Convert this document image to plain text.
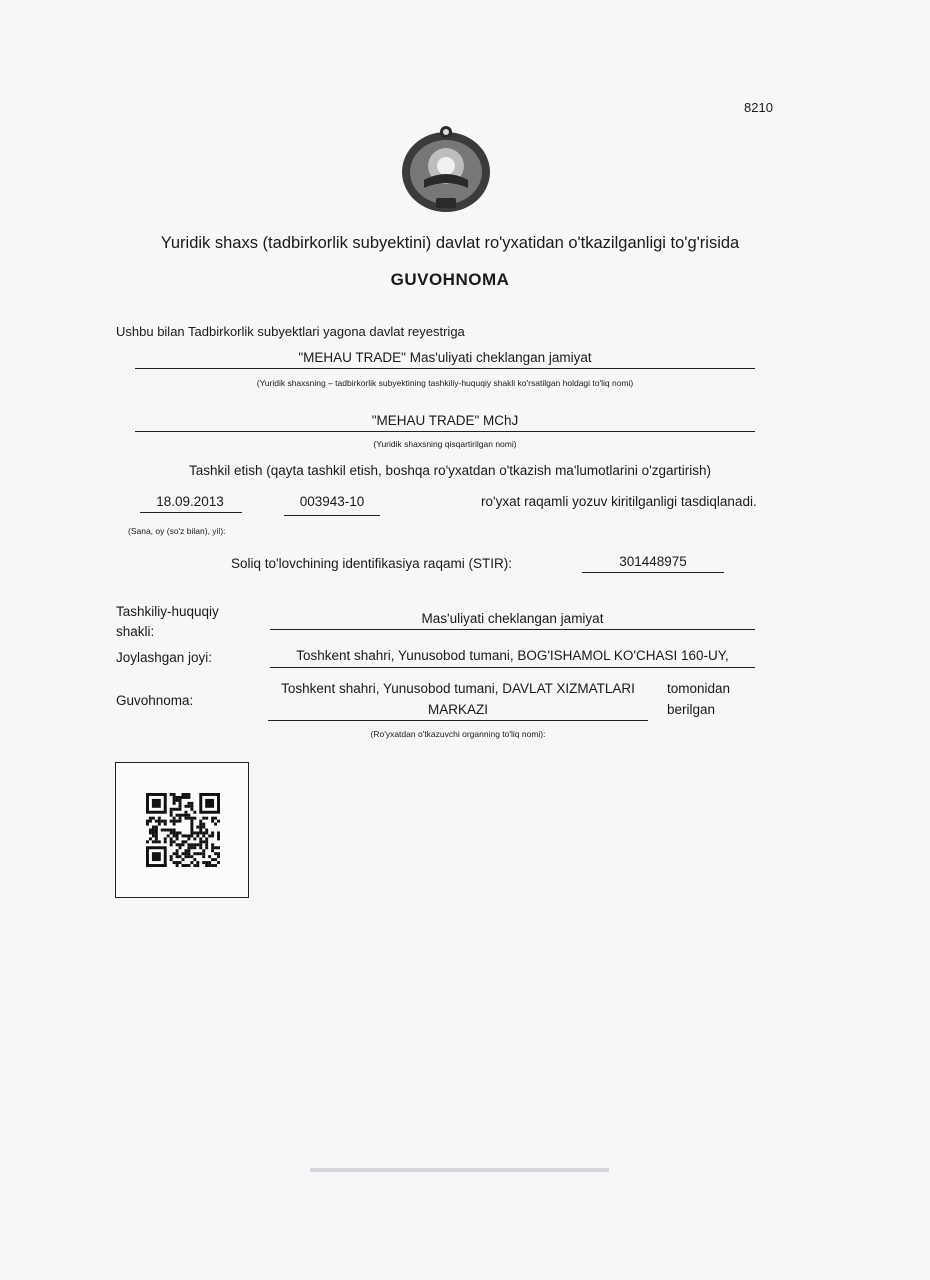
8210
Yuridik shaxs (tadbirkorlik subyektini) davlat ro'yxatidan o'tkazilganligi to'g'risida
GUVOHNOMA
Ushbu bilan Tadbirkorlik subyektlari yagona davlat reyestriga
"MEHAU TRADE" Mas'uliyati cheklangan jamiyat
(Yuridik shaxsning – tadbirkorlik subyektining tashkiliy-huquqiy shakli ko'rsatilgan holdagi to'liq nomi)
"MEHAU TRADE" MChJ
(Yuridik shaxsning qisqartirilgan nomi)
Tashkil etish (qayta tashkil etish, boshqa ro'yxatdan o'tkazish ma'lumotlarini o'zgartirish)
18.09.2013	003943-10	ro'yxat raqamli yozuv kiritilganligi tasdiqlanadi.
(Sana, oy (so'z bilan), yil):
Soliq to'lovchining identifikasiya raqami (STIR):	301448975
Tashkiliy-huquqiy
shakli:
Mas'uliyati cheklangan jamiyat
Joylashgan joyi:	Toshkent shahri, Yunusobod tumani, BOG'ISHAMOL KO'CHASI 160-UY,
Guvohnoma:
Toshkent shahri, Yunusobod tumani, DAVLAT XIZMATLARI
MARKAZI
tomonidan
berilgan
(Ro'yxatdan o'tkazuvchi organning to'liq nomi):
▬▬▬▬▬▬▬▬▬▬▬▬▬▬▬▬▬▬▬▬▬▬▬
